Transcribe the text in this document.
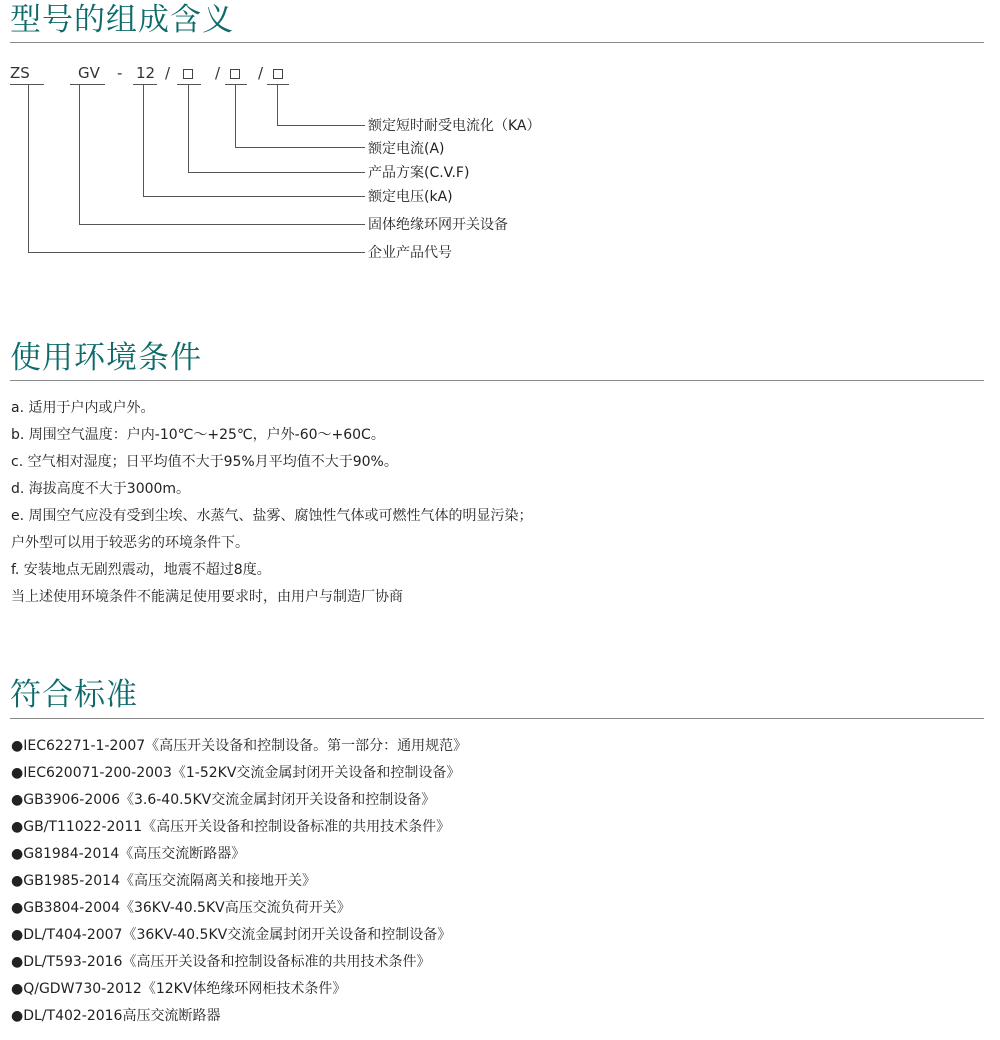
型号的组成含义
ZS	GV - 12 /	/	/
额定短时耐受电流化（KA）
额定电流(A)
产品方案(C.V.F)
额定电压(kA)
固体绝缘环网开关设备
企业产品代号
使用环境条件
a. 适用于户内或户外。
b. 周围空气温度：户内-10℃～+25℃，户外-60～+60C。
c. 空气相对湿度；日平均值不大于95%月平均值不大于90%。
d. 海拔高度不大于3000m。
e. 周围空气应没有受到尘埃、水蒸气、盐雾、腐蚀性气体或可燃性气体的明显污染；
户外型可以用于较恶劣的环境条件下。
f. 安装地点无剧烈震动，地震不超过8度。
当上述使用环境条件不能满足使用要求时，由用户与制造厂协商
符合标准
●IEC62271-1-2007《高压开关设备和控制设备。第一部分：通用规范》
●IEC620071-200-2003《1-52KV交流金属封闭开关设备和控制设备》
●GB3906-2006《3.6-40.5KV交流金属封闭开关设备和控制设备》
●GB/T11022-2011《高压开关设备和控制设备标准的共用技术条件》
●G81984-2014《高压交流断路器》
●GB1985-2014《高压交流隔离关和接地开关》
●GB3804-2004《36KV-40.5KV高压交流负荷开关》
●DL/T404-2007《36KV-40.5KV交流金属封闭开关设备和控制设备》
●DL/T593-2016《高压开关设备和控制设备标准的共用技术条件》
●Q/GDW730-2012《12KV体绝缘环网柜技术条件》
●DL/T402-2016高压交流断路器
